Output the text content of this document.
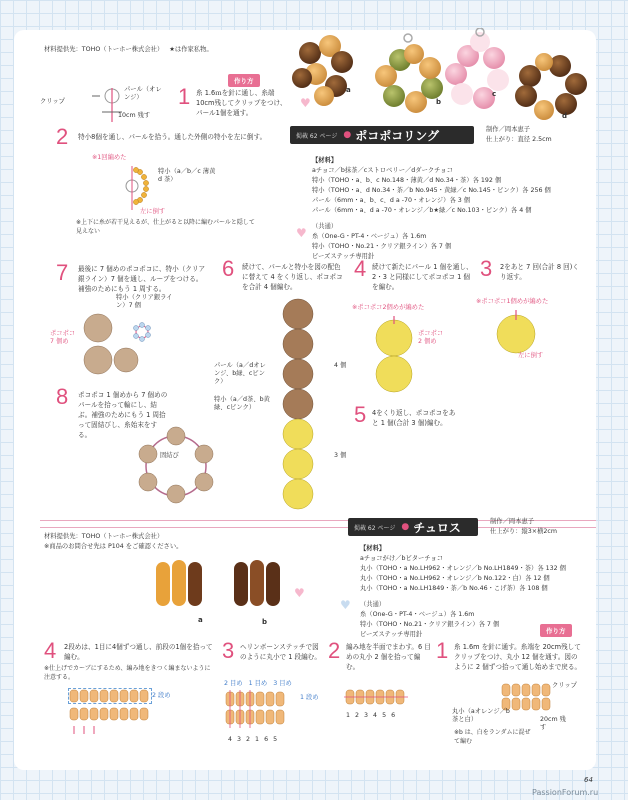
材料提供先：TOHO（トーホー株式会社） ★は作家私物。
a
b
c
d
作り方
クリップ
パール（オレンジ）
10cm 残す
1 糸 1.6ｍを針に通し、糸端 10cm残してクリップをつけ、パール1個を通す。
2 特小8個を通し、パールを拾う。通した外側の特小を左に倒す。
※1回編めた
特小（a／b／c 薄黄 d 茶）
左に倒す
※上下に糸が若干見えるが、仕上がると以降に編むパールと隠して見えない
掲載 62 ページ ● ポコポコリング	制作／岡本恵子
仕上がり：直径 2.5cm
【材料】
aチョコ／b抹茶／cストロベリー／dダークチョコ
特小（TOHO・a、b、c No.148・薄黄／d No.34・茶）各 192 個
特小（TOHO・a、d No.34・茶／b No.945・黄緑／c No.145・ピンク）各 256 個
パール（6mm・a、b、c、d a -70・オレンジ）各 3 個
パール（6mm・a、d a -70・オレンジ／b★緑／c No.103・ピンク）各 4 個
（共通）
糸（One-G・PT-4・ベージュ）各 1.6m
特小（TOHO・No.21・クリア銀ライン）各 7 個
ビーズステッチ専用針
7 最後に 7 個めのポコポコに、特小（クリア銀ライン）7 個を通し、ループをつける。補強のためにもう 1 周する。
特小（クリア銀ライン）7 個
ポコポコ 7 個め
8 ポコポコ 1 個めから 7 個めのパールを拾って輪にし、結ぶ。補強のためにもう 1 周拾って固結びし、糸始末をする。
固結び
6 続けて、パールと特小を図の配色に替えて 4 をくり返し、ポコポコを合計 4 個編む。
パール（a／dオレンジ、b緑、cピンク）
特小（a／d茶、b黄緑、cピンク）
4 個
3 個
4 続けて新たにパール 1 個を通し、2・3 と同様にしてポコポコ 1 個を編む。
※ポコポコ2個めが編めた
ポコポコ 2 個め
5 4をくり返し、ポコポコをあと 1 個(合計 3 個)編む。
3 2をあと 7 回(合計 8 回)くり返す。
※ポコポコ1個めが編めた
左に倒す
材料提供先：TOHO（トーホー株式会社）
※商品のお問合せ先は P104 をご確認ください。
a	b
掲載 62 ページ ● チュロス	制作／岡本恵子
仕上がり：縦3×横2cm
【材料】
aチョコがけ／bビターチョコ
丸小（TOHO・a No.LH962・オレンジ／b No.LH1849・茶）各 132 個
丸小（TOHO・a No.LH962・オレンジ／b No.122・白）各 12 個
丸小（TOHO・a No.LH1849・茶／b No.46・こげ茶）各 108 個
（共通）
糸（One-G・PT-4・ベージュ）各 1.6m
特小（TOHO・No.21・クリア銀ライン）各 7 個
ビーズステッチ専用針	作り方
4 2段めは、1目に4個ずつ通し、前段の1個を拾って編む。
※仕上げでカーブにするため、編み地をきつく編まないように注意する。
2 段め
3 ヘリンボーンステッチで図のように丸小で 1 段編む。
2 目め 1 目め 3 目め
1 段め
4 3 2 1 6 5
2 編み地を半面でまわす。6 目めの丸小 2 個を拾って編む。
1 2 3 4 5 6
1 糸 1.6m を針に通す。糸端を 20cm残してクリップをつけ、丸小 12 個を通す。図のように 2 個ずつ拾って通し始めまで戻る。
クリップ
20cm 残す
丸小（aオレンジ／b茶と白）
※b は、白をランダムに混ぜて編む
♥
♥
♥
♥
64
PassionForum.ru
